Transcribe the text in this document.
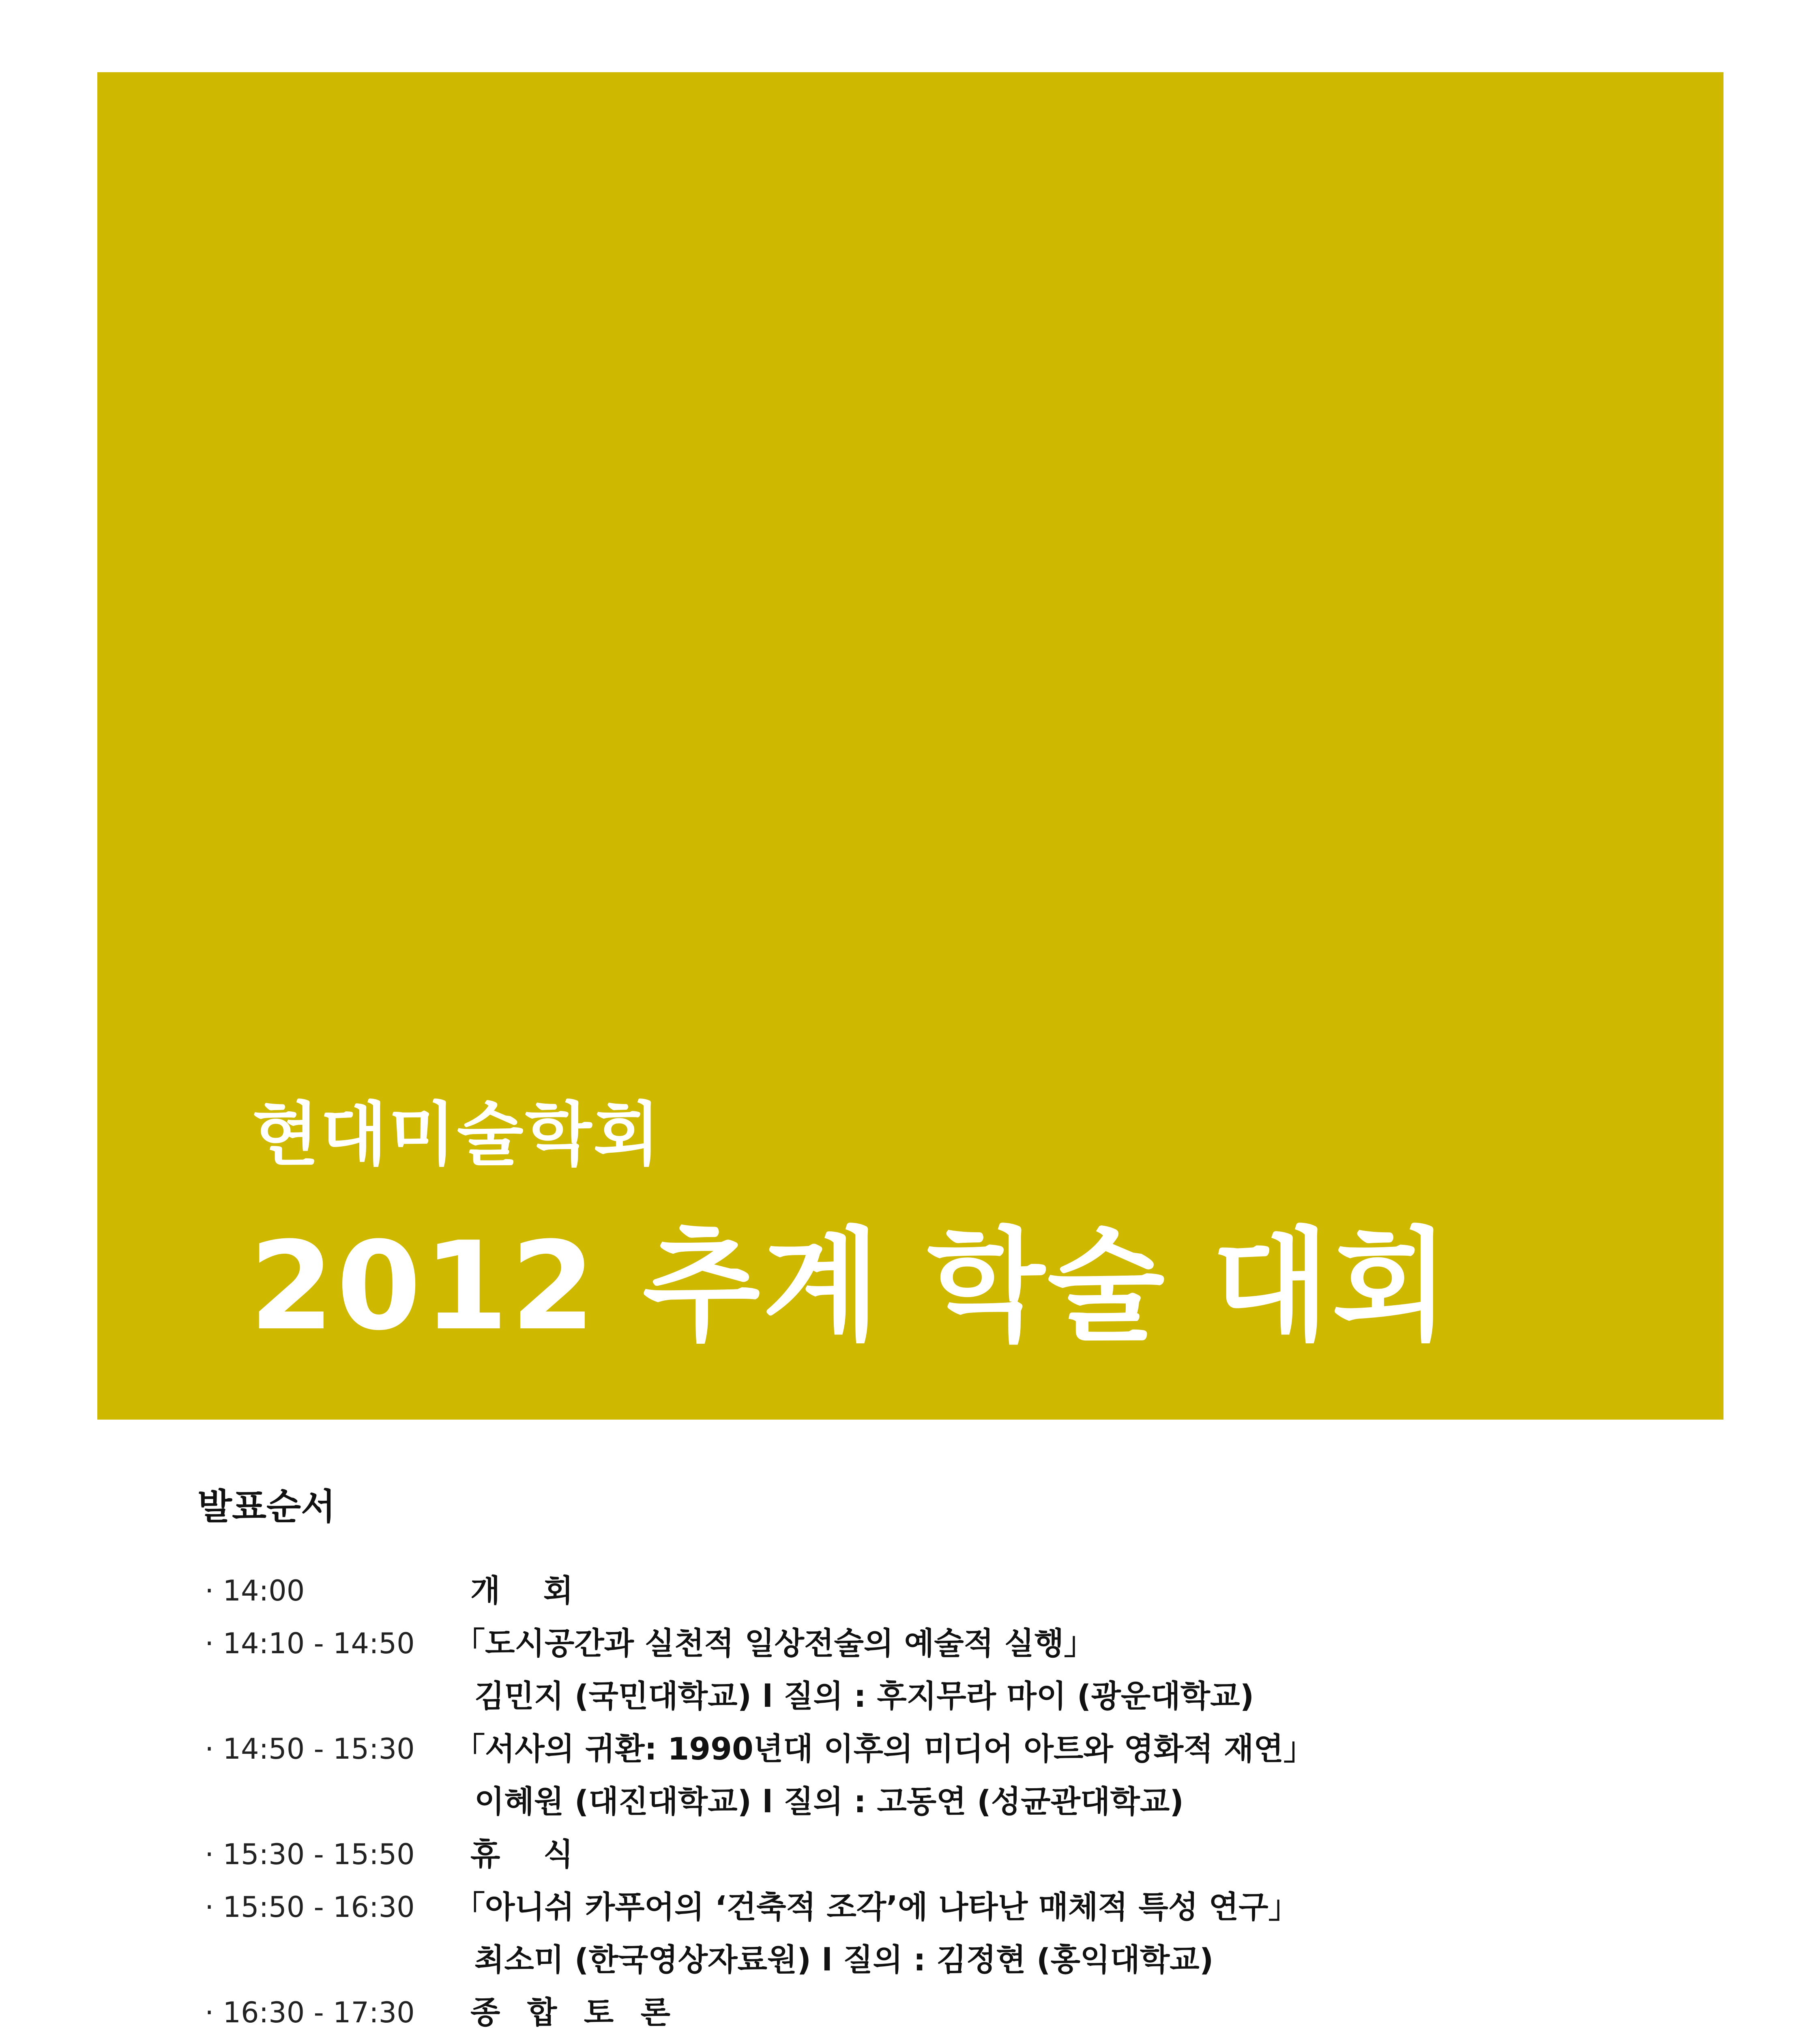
현대미술학회
2012 추계 학술 대회
발표순서
· 14:00	개 회
· 14:10 - 14:50 「도시공간과 실천적 일상전술의 예술적 실행」
김민지 (국민대학교) l 질의 : 후지무라 마이 (광운대학교)
· 14:50 - 15:30 「서사의 귀환: 1990년대 이후의 미디어 아트와 영화적 재연」
이혜원 (대진대학교) l 질의 : 고동연 (성균관대학교)
· 15:30 - 15:50 휴 식
· 15:50 - 16:30 「아니쉬 카푸어의 ‘건축적 조각’에 나타난 매체적 특성 연구」
최소미 (한국영상자료원) l 질의 : 김정현 (홍익대학교)
· 16:30 - 17:30 종 합 토 론
